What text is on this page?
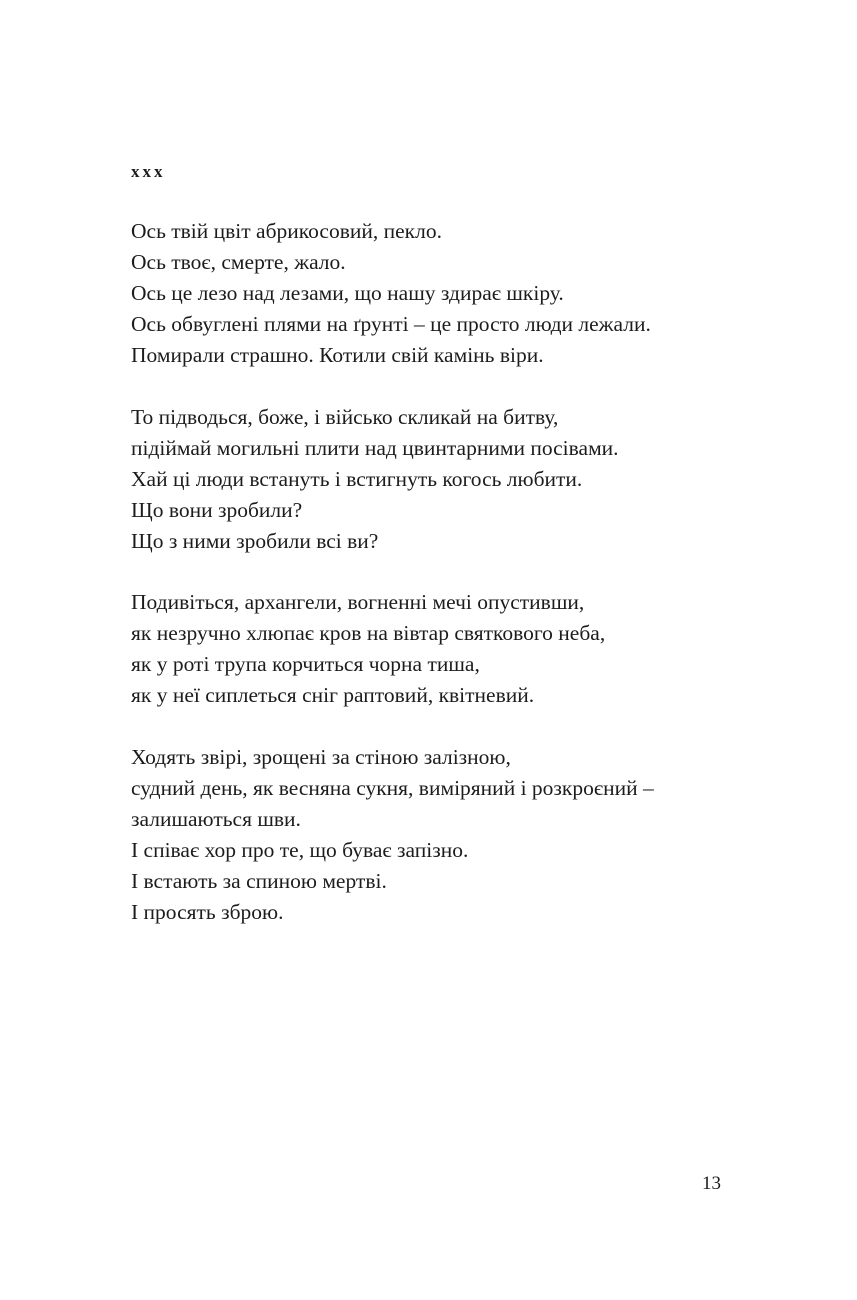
xxx
Ось твій цвіт абрикосовий, пекло.
Ось твоє, смерте, жало.
Ось це лезо над лезами, що нашу здирає шкіру.
Ось обвуглені плями на ґрунті – це просто люди лежали.
Помирали страшно. Котили свій камінь віри.
То підводься, боже, і військо скликай на битву,
підіймай могильні плити над цвинтарними посівами.
Хай ці люди встануть і встигнуть когось любити.
Що вони зробили?
Що з ними зробили всі ви?
Подивіться, архангели, вогненні мечі опустивши,
як незручно хлюпає кров на вівтар святкового неба,
як у роті трупа корчиться чорна тиша,
як у неї сиплеться сніг раптовий, квітневий.
Ходять звірі, зрощені за стіною залізною,
судний день, як весняна сукня, виміряний і розкроєний –
залишаються шви.
І співає хор про те, що буває запізно.
І встають за спиною мертві.
І просять зброю.
13
